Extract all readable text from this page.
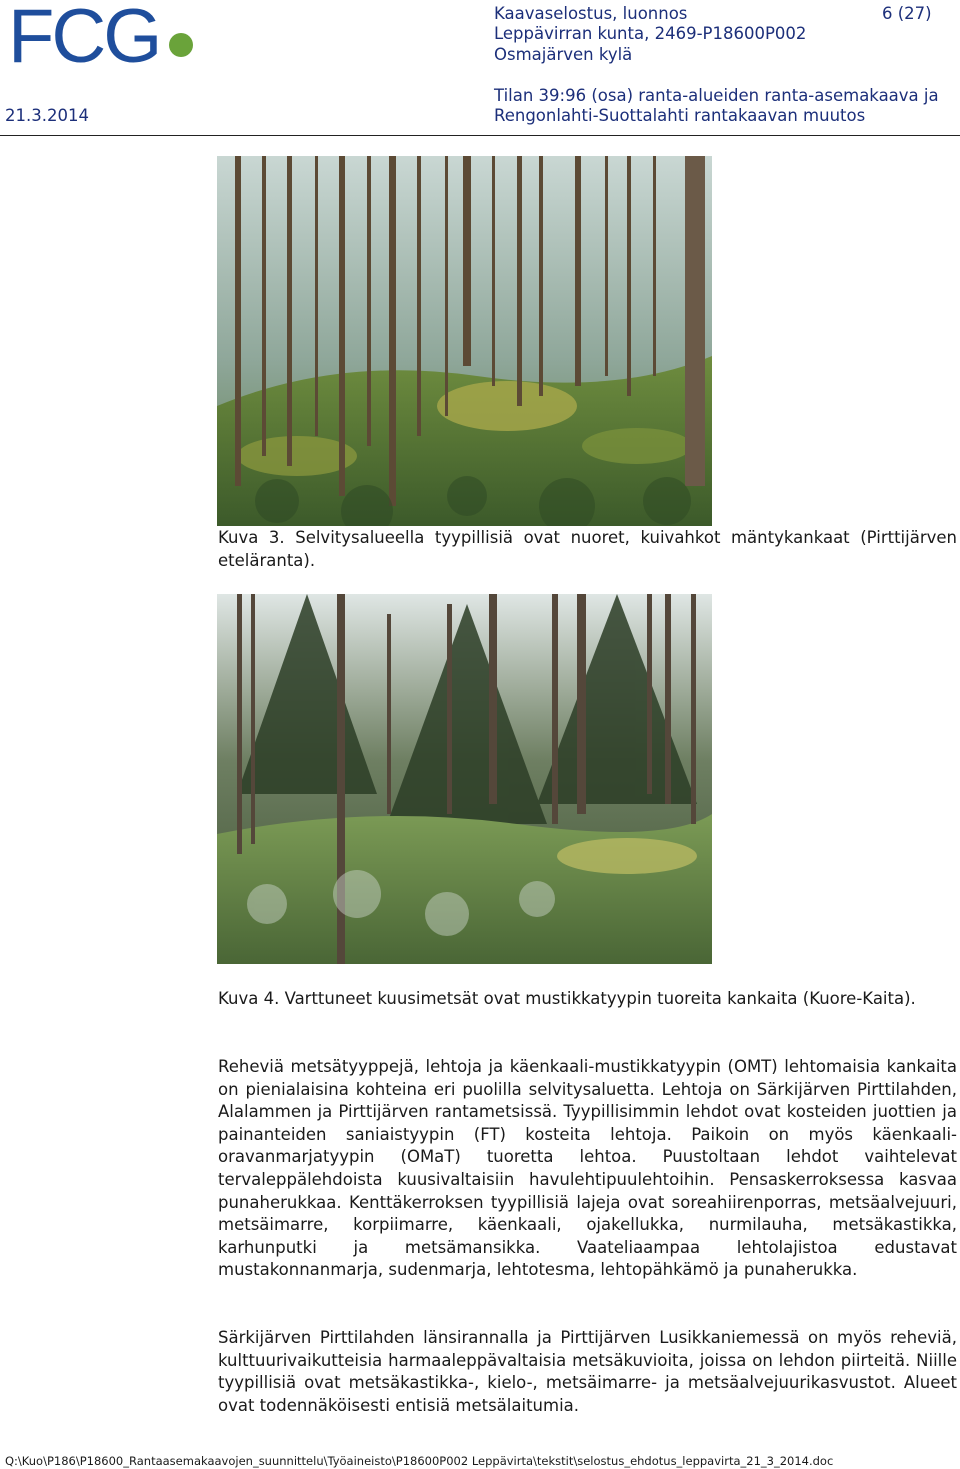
FCG	Kaavaselostus, luonnos
Leppävirran kunta, 2469-P18600P002
Osmajärven kylä
Tilan 39:96 (osa) ranta-alueiden ranta-asemakaava ja
Rengonlahti-Suottalahti rantakaavan muutos
6 (27)
21.3.2014
Kuva 3. Selvitysalueella tyypillisiä ovat nuoret, kuivahkot mäntykankaat (Pirttijärven eteläranta).
Kuva 4. Varttuneet kuusimetsät ovat mustikkatyypin tuoreita kankaita (Kuore-Kaita).
Reheviä metsätyyppejä, lehtoja ja käenkaali-mustikkatyypin (OMT) lehtomaisia kankaita on pienialaisina kohteina eri puolilla selvitysaluetta. Lehtoja on Särkijärven Pirttilahden, Alalammen ja Pirttijärven rantametsissä. Tyypillisimmin lehdot ovat kosteiden juottien ja painanteiden saniaistyypin (FT) kosteita lehtoja. Paikoin on myös käenkaali-oravanmarjatyypin (OMaT) tuoretta lehtoa. Puustoltaan lehdot vaihtelevat tervaleppälehdoista kuusivaltaisiin havulehtipuulehtoihin. Pensaskerroksessa kasvaa punaherukkaa. Kenttäkerroksen tyypillisiä lajeja ovat soreahiirenporras, metsäalvejuuri, metsäimarre, korpiimarre, käenkaali, ojakellukka, nurmilauha, metsäkastikka, karhunputki ja metsämansikka. Vaateliaampaa lehtolajistoa edustavat mustakonnanmarja, sudenmarja, lehtotesma, lehtopähkämö ja punaherukka.
Särkijärven Pirttilahden länsirannalla ja Pirttijärven Lusikkaniemessä on myös reheviä, kulttuurivaikutteisia harmaaleppävaltaisia metsäkuvioita, joissa on lehdon piirteitä. Niille tyypillisiä ovat metsäkastikka-, kielo-, metsäimarre- ja metsäalvejuurikasvustot. Alueet ovat todennäköisesti entisiä metsälaitumia.
Q:\Kuo\P186\P18600_Rantaasemakaavojen_suunnittelu\Työaineisto\P18600P002 Leppävirta\tekstit\selostus_ehdotus_leppavirta_21_3_2014.doc
